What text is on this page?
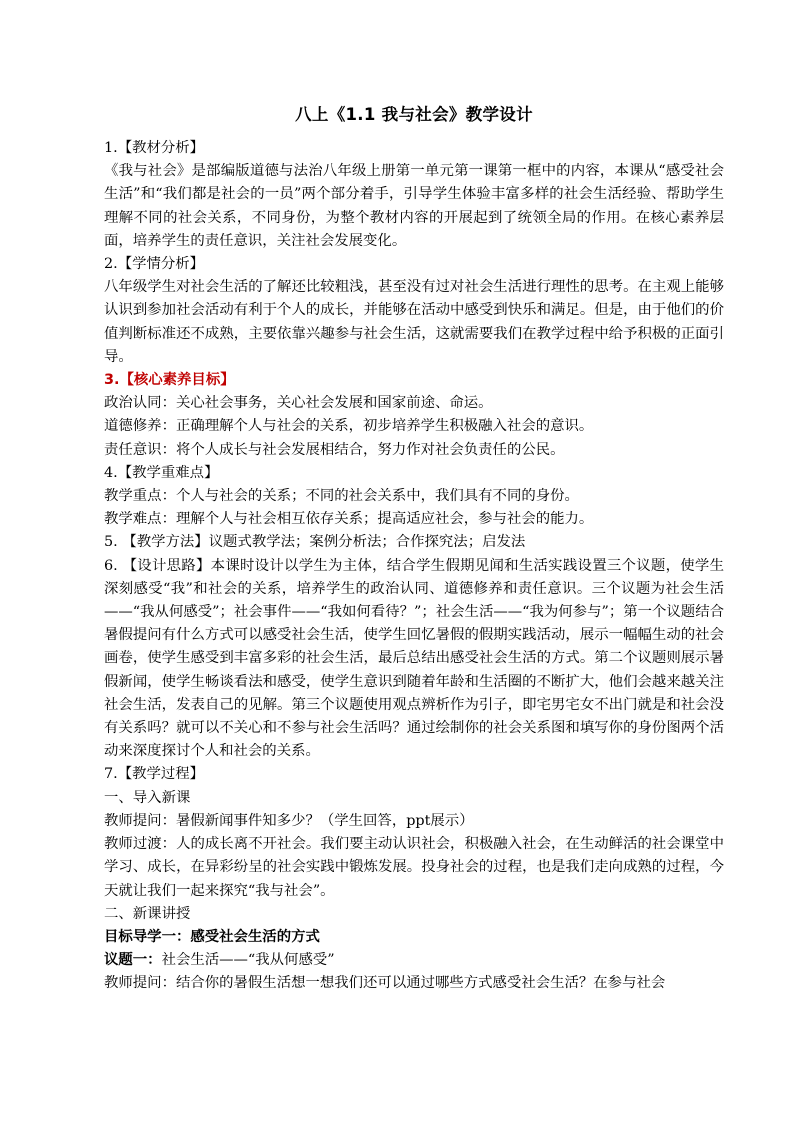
八上《1.1 我与社会》教学设计

1.【教材分析】

《我与社会》是部编版道德与法治八年级上册第一单元第一课第一框中的内容，本课从“感受社会生活”和“我们都是社会的一员”两个部分着手，引导学生体验丰富多样的社会生活经验、帮助学生理解不同的社会关系，不同身份，为整个教材内容的开展起到了统领全局的作用。在核心素养层面，培养学生的责任意识，关注社会发展变化。

2.【学情分析】

八年级学生对社会生活的了解还比较粗浅，甚至没有过对社会生活进行理性的思考。在主观上能够认识到参加社会活动有利于个人的成长，并能够在活动中感受到快乐和满足。但是，由于他们的价值判断标准还不成熟，主要依靠兴趣参与社会生活，这就需要我们在教学过程中给予积极的正面引导。

3.【核心素养目标】

政治认同：关心社会事务，关心社会发展和国家前途、命运。

道德修养：正确理解个人与社会的关系，初步培养学生积极融入社会的意识。

责任意识：将个人成长与社会发展相结合，努力作对社会负责任的公民。

4.【教学重难点】

教学重点：个人与社会的关系；不同的社会关系中，我们具有不同的身份。

教学难点：理解个人与社会相互依存关系；提高适应社会，参与社会的能力。

5. 【教学方法】议题式教学法；案例分析法；合作探究法；启发法

6. 【设计思路】本课时设计以学生为主体，结合学生假期见闻和生活实践设置三个议题，使学生深刻感受“我”和社会的关系，培养学生的政治认同、道德修养和责任意识。三个议题为社会生活——“我从何感受”；社会事件——“我如何看待？”；社会生活——“我为何参与”；第一个议题结合暑假提问有什么方式可以感受社会生活，使学生回忆暑假的假期实践活动，展示一幅幅生动的社会画卷，使学生感受到丰富多彩的社会生活，最后总结出感受社会生活的方式。第二个议题则展示暑假新闻，使学生畅谈看法和感受，使学生意识到随着年龄和生活圈的不断扩大，他们会越来越关注社会生活，发表自己的见解。第三个议题使用观点辨析作为引子，即宅男宅女不出门就是和社会没有关系吗？就可以不关心和不参与社会生活吗？通过绘制你的社会关系图和填写你的身份图两个活动来深度探讨个人和社会的关系。

7.【教学过程】

一、导入新课

教师提问：暑假新闻事件知多少？（学生回答，ppt展示）

教师过渡：人的成长离不开社会。我们要主动认识社会，积极融入社会，在生动鲜活的社会课堂中学习、成长，在异彩纷呈的社会实践中锻炼发展。投身社会的过程，也是我们走向成熟的过程，今天就让我们一起来探究“我与社会”。

二、新课讲授

目标导学一：感受社会生活的方式

议题一：社会生活——“我从何感受”

教师提问：结合你的暑假生活想一想我们还可以通过哪些方式感受社会生活？在参与社会
